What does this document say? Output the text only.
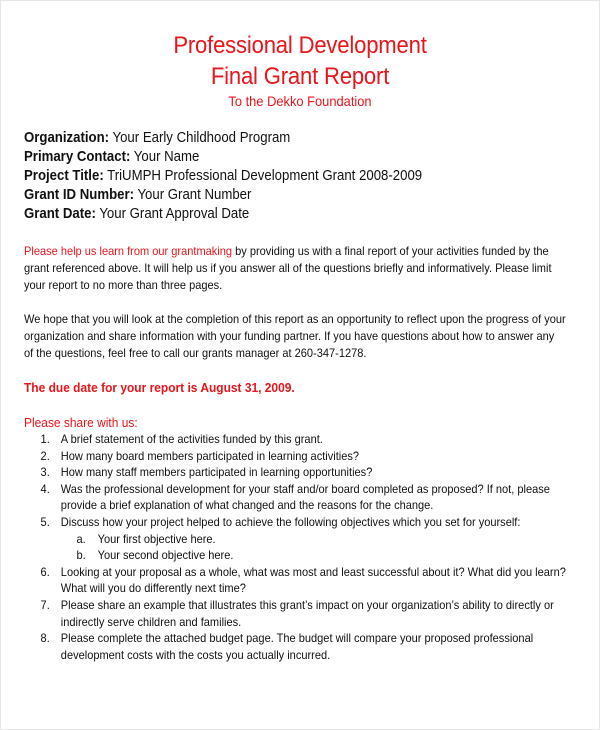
Professional Development
Final Grant Report
To the Dekko Foundation
Organization: Your Early Childhood Program
Primary Contact: Your Name
Project Title: TriUMPH Professional Development Grant 2008-2009
Grant ID Number: Your Grant Number
Grant Date: Your Grant Approval Date
Please help us learn from our grantmaking by providing us with a final report of your activities funded by the
grant referenced above. It will help us if you answer all of the questions briefly and informatively. Please limit
your report to no more than three pages.
We hope that you will look at the completion of this report as an opportunity to reflect upon the progress of your
organization and share information with your funding partner. If you have questions about how to answer any
of the questions, feel free to call our grants manager at 260-347-1278.
The due date for your report is August 31, 2009.
Please share with us:
1. A brief statement of the activities funded by this grant.
2. How many board members participated in learning activities?
3. How many staff members participated in learning opportunities?
4. Was the professional development for your staff and/or board completed as proposed? If not, please
provide a brief explanation of what changed and the reasons for the change.
5. Discuss how your project helped to achieve the following objectives which you set for yourself:
a. Your first objective here.
b. Your second objective here.
6. Looking at your proposal as a whole, what was most and least successful about it? What did you learn?
What will you do differently next time?
7. Please share an example that illustrates this grant’s impact on your organization’s ability to directly or
indirectly serve children and families.
8. Please complete the attached budget page. The budget will compare your proposed professional
development costs with the costs you actually incurred.
